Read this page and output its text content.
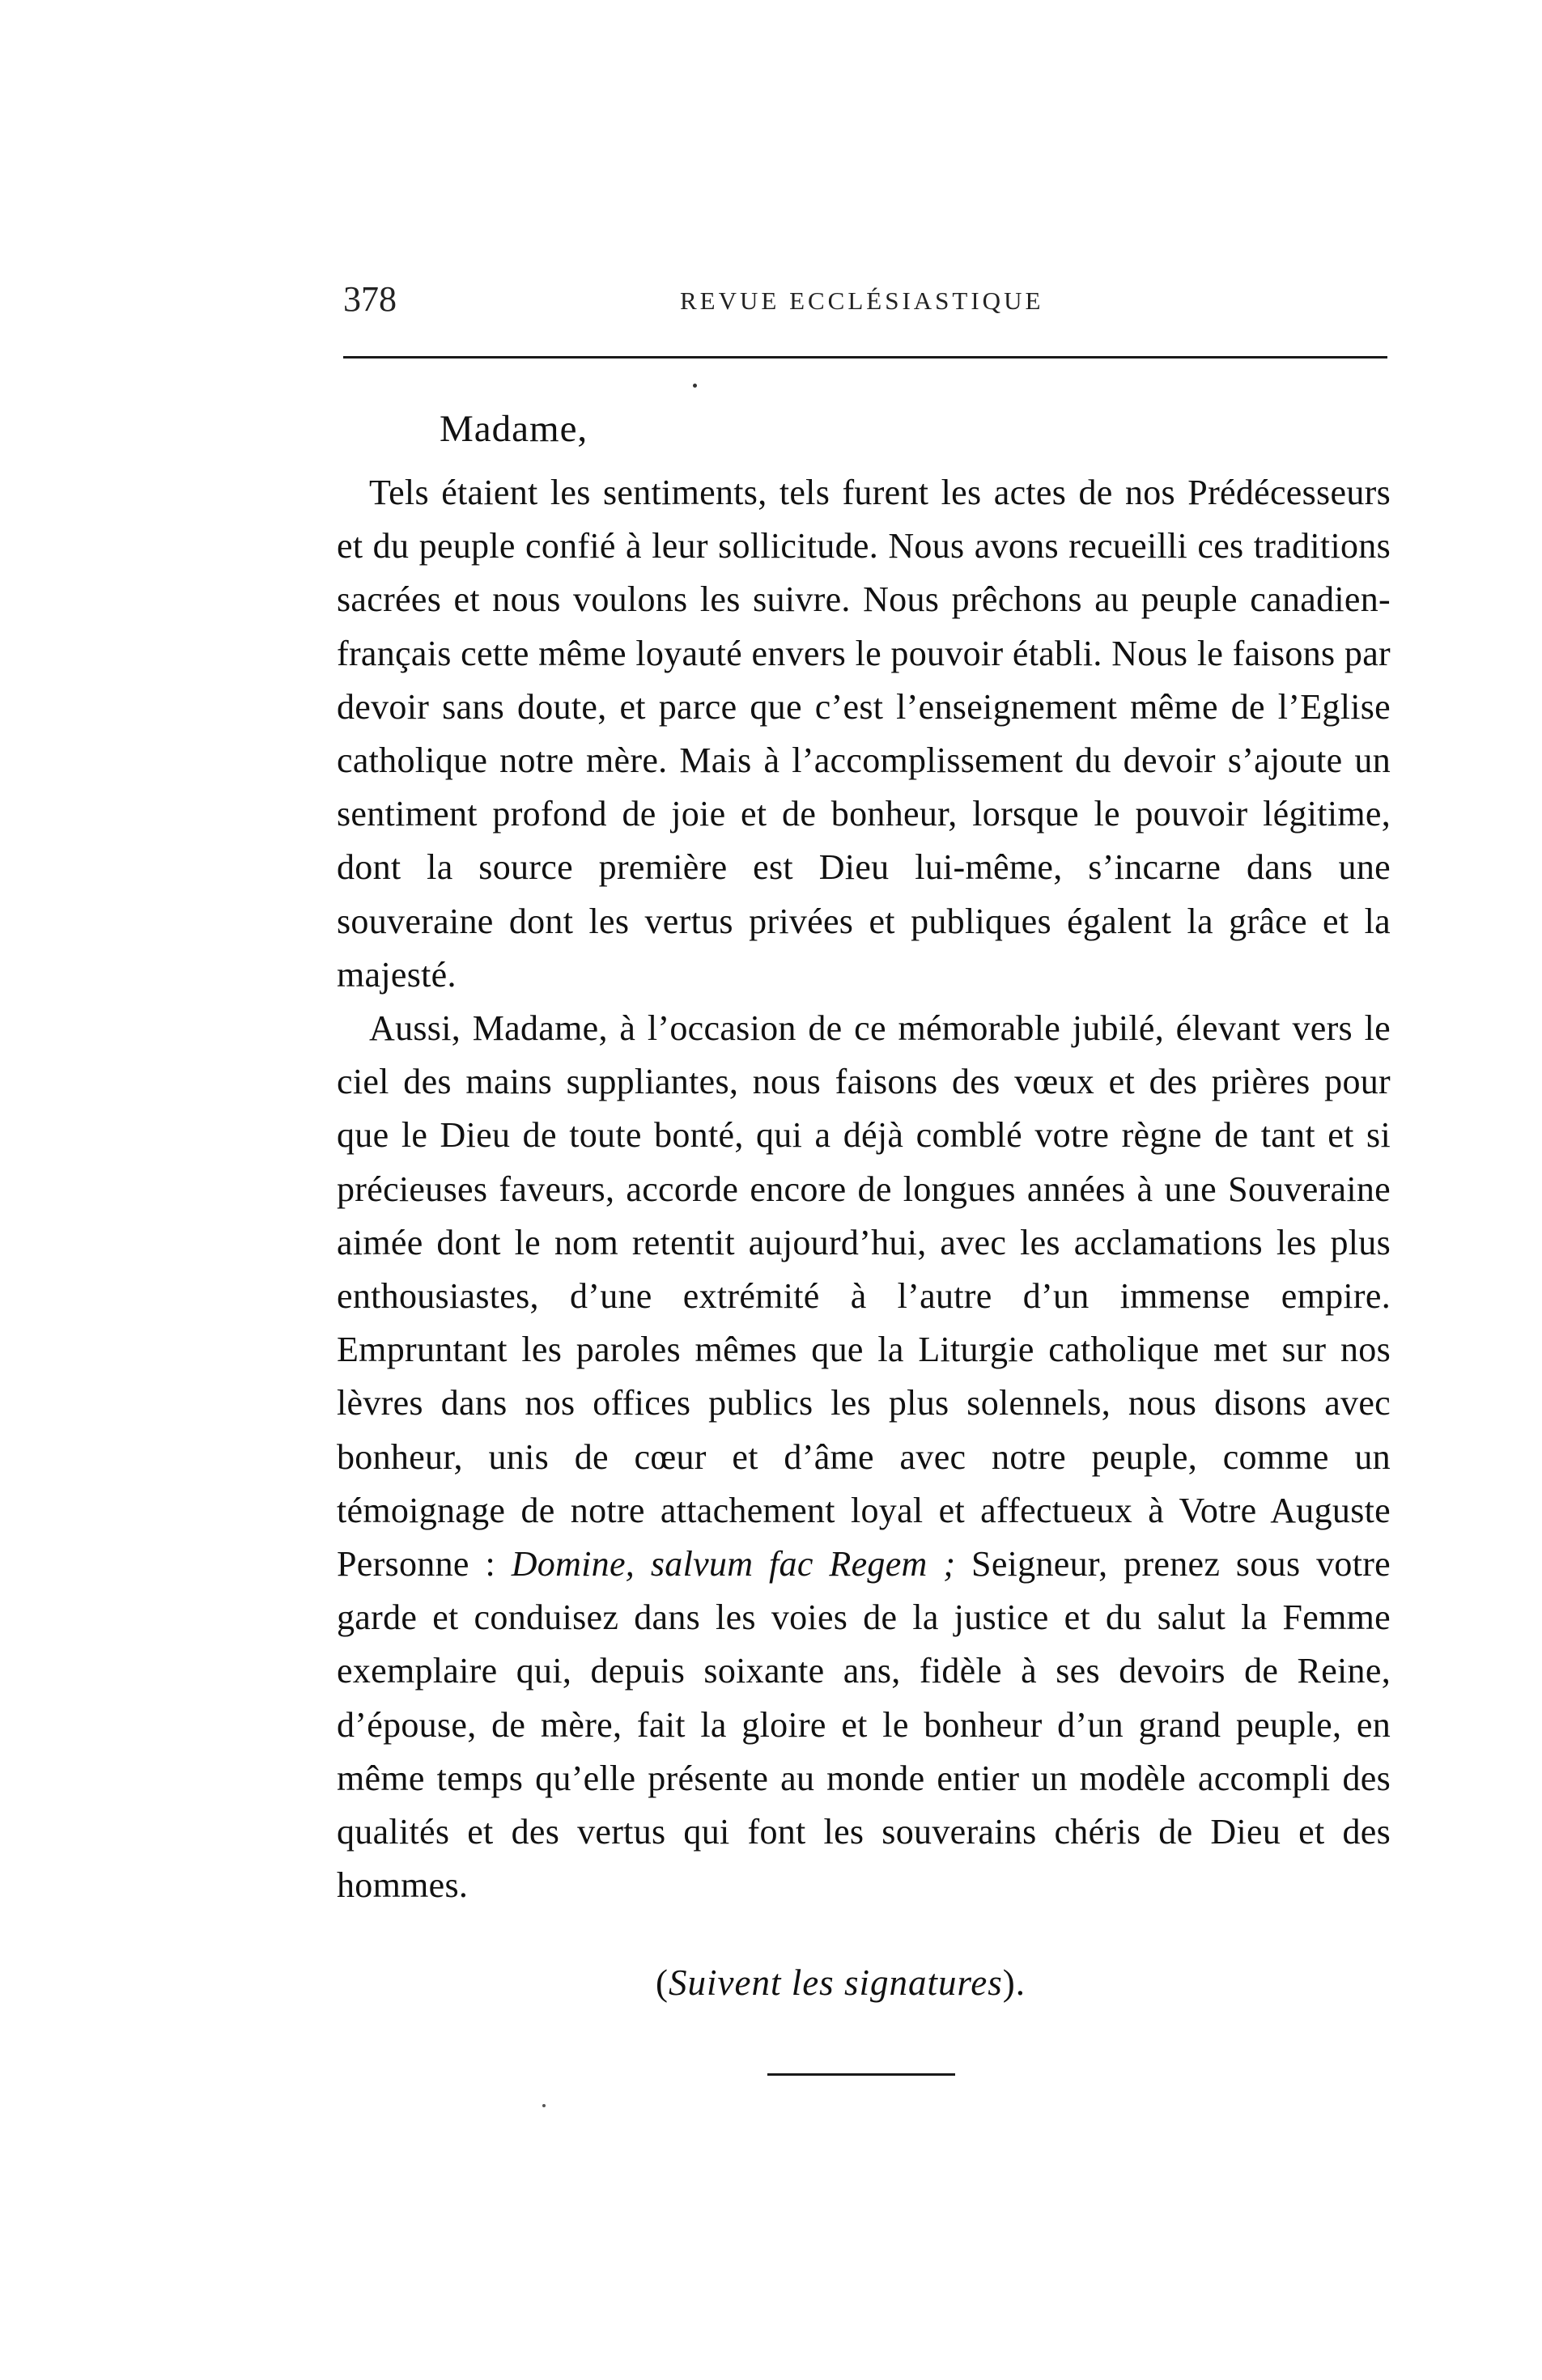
378	REVUE ECCLÉSIASTIQUE
Madame,

Tels étaient les sentiments, tels furent les actes de nos Prédécesseurs et du peuple confié à leur sollicitude. Nous avons recueilli ces traditions sacrées et nous voulons les suivre. Nous prêchons au peuple canadien-français cette même loyauté envers le pouvoir établi. Nous le faisons par devoir sans doute, et parce que c’est l’enseignement même de l’Eglise catholique notre mère. Mais à l’accomplissement du devoir s’ajoute un sentiment profond de joie et de bonheur, lorsque le pouvoir légitime, dont la source première est Dieu lui-même, s’incarne dans une souveraine dont les vertus privées et publiques égalent la grâce et la majesté.

Aussi, Madame, à l’occasion de ce mémorable jubilé, élevant vers le ciel des mains suppliantes, nous faisons des vœux et des prières pour que le Dieu de toute bonté, qui a déjà comblé votre règne de tant et si précieuses faveurs, accorde encore de longues années à une Souveraine aimée dont le nom retentit aujourd’hui, avec les acclamations les plus enthousiastes, d’une extrémité à l’autre d’un immense empire. Empruntant les paroles mêmes que la Liturgie catholique met sur nos lèvres dans nos offices publics les plus solennels, nous disons avec bonheur, unis de cœur et d’âme avec notre peuple, comme un témoignage de notre attachement loyal et affectueux à Votre Auguste Personne : Domine, salvum fac Regem ; Seigneur, prenez sous votre garde et conduisez dans les voies de la justice et du salut la Femme exemplaire qui, depuis soixante ans, fidèle à ses devoirs de Reine, d’épouse, de mère, fait la gloire et le bonheur d’un grand peuple, en même temps qu’elle présente au monde entier un modèle accompli des qualités et des vertus qui font les souverains chéris de Dieu et des hommes.

(Suivent les signatures).
